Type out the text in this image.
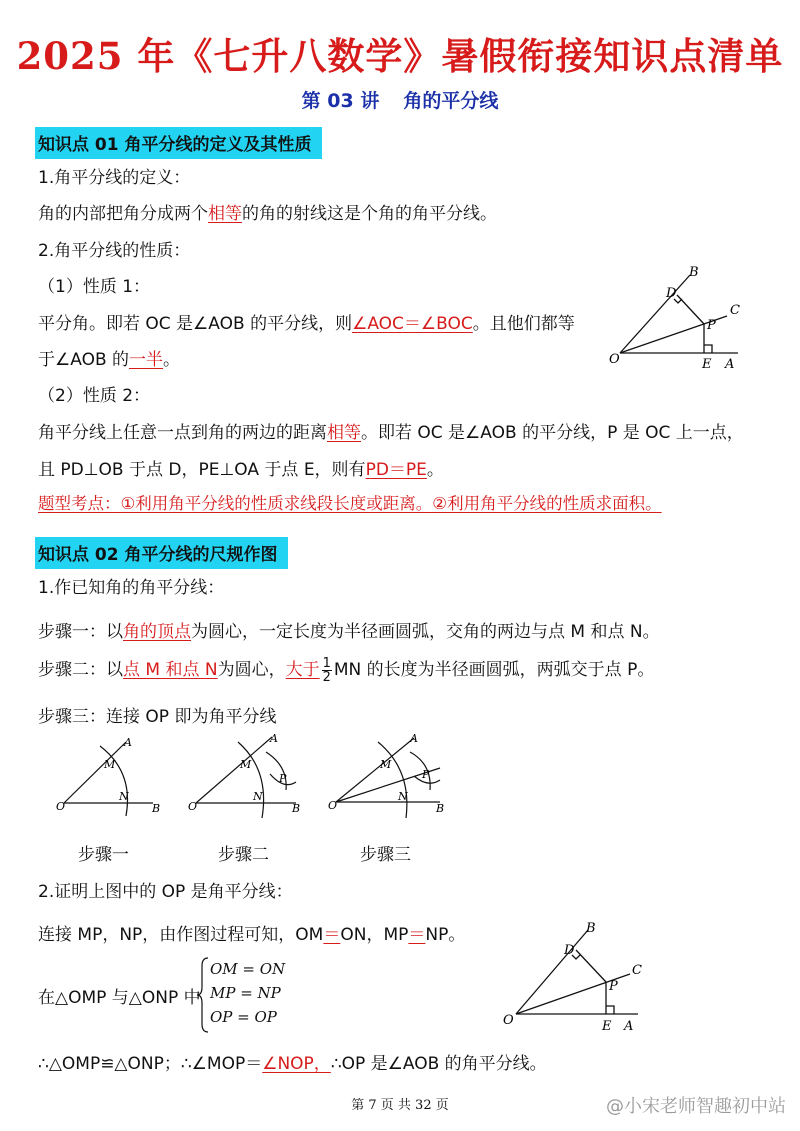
2025 年《七升八数学》暑假衔接知识点清单
第 03 讲 角的平分线
知识点 01 角平分线的定义及其性质
1.角平分线的定义：
角的内部把角分成两个相等的角的射线这是个角的角平分线。
2.角平分线的性质：
（1）性质 1：
平分角。即若 OC 是∠AOB 的平分线，则∠AOC＝∠BOC。且他们都等
于∠AOB 的一半。
（2）性质 2：
角平分线上任意一点到角的两边的距离相等。即若 OC 是∠AOB 的平分线，P 是 OC 上一点，
且 PD⊥OB 于点 D，PE⊥OA 于点 E，则有PD＝PE。
题型考点：①利用角平分线的性质求线段长度或距离。②利用角平分线的性质求面积。
O	A
E
B
D
C
P
知识点 02 角平分线的尺规作图
1.作已知角的角平分线：
步骤一：以角的顶点为圆心，一定长度为半径画圆弧，交角的两边与点 M 和点 N。
步骤二：以点 M 和点 N为圆心，大于 $\frac{1}{2}$ MN 的长度为半径画圆弧，两弧交于点 P。
步骤三：连接 OP 即为角平分线
O	B
A
M
N
O	B
A
M
N
P
O	B
A
M
N
P
步骤一	步骤二	步骤三
2.证明上图中的 OP 是角平分线：
连接 MP，NP，由作图过程可知，OM＝ON，MP＝NP。
在△OMP 与△ONP 中
OM = ON
MP = NP
OP = OP	O	A
E
B
D
C
P
∴△OMP≌△ONP；∴∠MOP＝∠NOP，∴OP 是∠AOB 的角平分线。
第 7 页 共 32 页	@小宋老师智趣初中站
